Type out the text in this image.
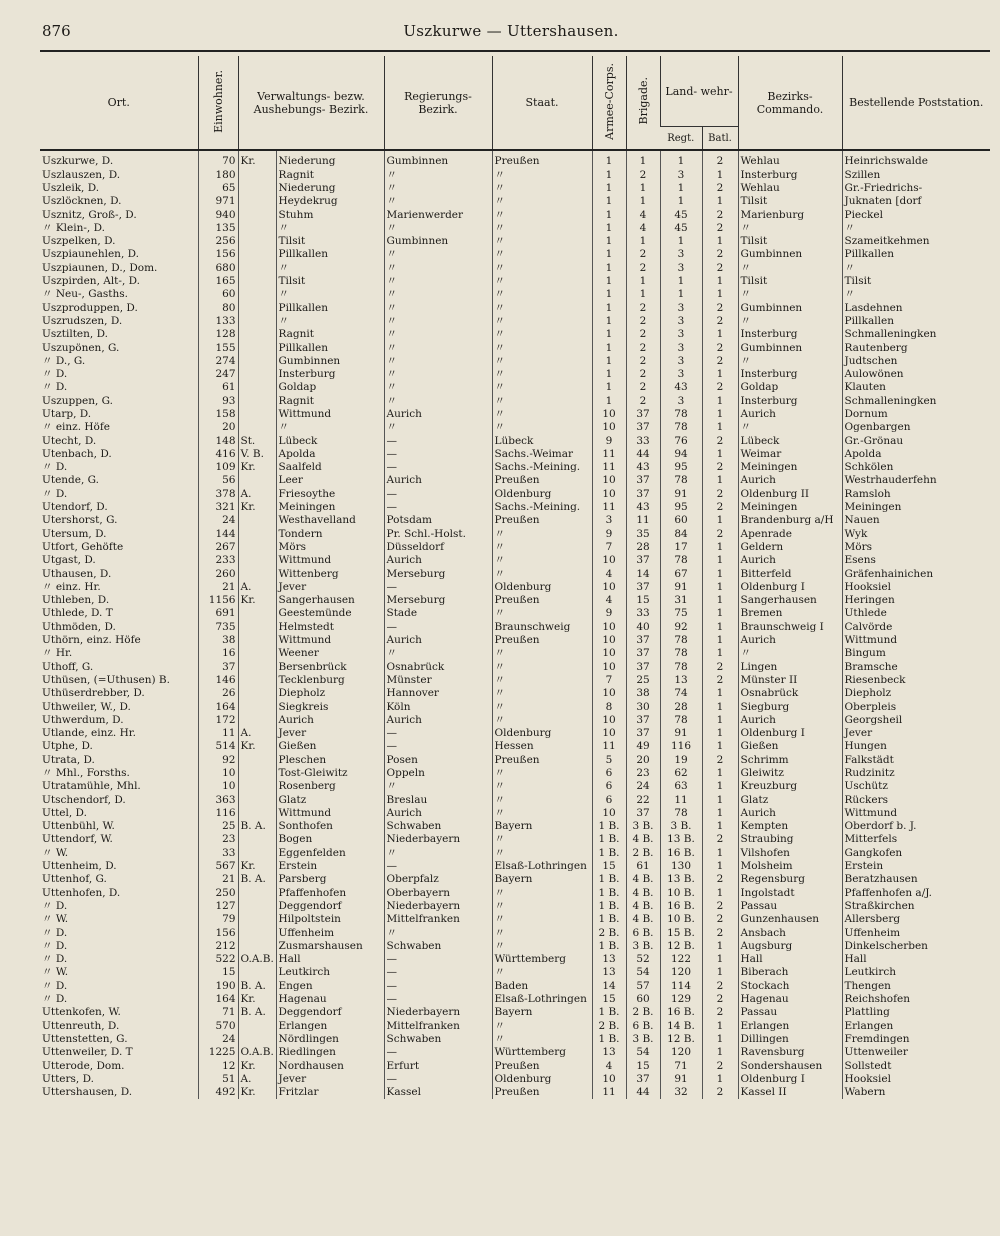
876	Uszkurwe — Uttershausen.
Ort.	Einwohner.	Verwaltungs- bezw. Aushebungs- Bezirk.		Regierungs- Bezirk.	Staat.	Armee-Corps.	Brigade.	Land- wehr-		Bezirks- Commando.	Bestellende Poststation.
								Regt.	Batl.		
Uszkurwe, D.	70	Kr.	Niederung	Gumbinnen	Preußen	1	1	1	2	Wehlau	Heinrichswalde
Uszlauszen, D.	180		Ragnit	〃	〃	1	2	3	1	Insterburg	Szillen
Uszleik, D.	65		Niederung	〃	〃	1	1	1	2	Wehlau	Gr.-Friedrichs-
Uszlöcknen, D.	971		Heydekrug	〃	〃	1	1	1	1	Tilsit	Juknaten [dorf
Usznitz, Groß-, D.	940		Stuhm	Marienwerder	〃	1	4	45	2	Marienburg	Pieckel
〃 Klein-, D.	135		〃	〃	〃	1	4	45	2	〃	〃
Uszpelken, D.	256		Tilsit	Gumbinnen	〃	1	1	1	1	Tilsit	Szameitkehmen
Uszpiaunehlen, D.	156		Pillkallen	〃	〃	1	2	3	2	Gumbinnen	Pillkallen
Uszpiaunen, D., Dom.	680		〃	〃	〃	1	2	3	2	〃	〃
Uszpirden, Alt-, D.	165		Tilsit	〃	〃	1	1	1	1	Tilsit	Tilsit
〃 Neu-, Gasths.	60		〃	〃	〃	1	1	1	1	〃	〃
Uszproduppen, D.	80		Pillkallen	〃	〃	1	2	3	2	Gumbinnen	Lasdehnen
Uszrudszen, D.	133		〃	〃	〃	1	2	3	2	〃	Pillkallen
Usztilten, D.	128		Ragnit	〃	〃	1	2	3	1	Insterburg	Schmalleningken
Uszupönen, G.	155		Pillkallen	〃	〃	1	2	3	2	Gumbinnen	Rautenberg
〃 D., G.	274		Gumbinnen	〃	〃	1	2	3	2	〃	Judtschen
〃 D.	247		Insterburg	〃	〃	1	2	3	1	Insterburg	Aulowönen
〃 D.	61		Goldap	〃	〃	1	2	43	2	Goldap	Klauten
Uszuppen, G.	93		Ragnit	〃	〃	1	2	3	1	Insterburg	Schmalleningken
Utarp, D.	158		Wittmund	Aurich	〃	10	37	78	1	Aurich	Dornum
〃 einz. Höfe	20		〃	〃	〃	10	37	78	1	〃	Ogenbargen
Utecht, D.	148	St.	Lübeck	—	Lübeck	9	33	76	2	Lübeck	Gr.-Grönau
Utenbach, D.	416	V. B.	Apolda	—	Sachs.-Weimar	11	44	94	1	Weimar	Apolda
〃 D.	109	Kr.	Saalfeld	—	Sachs.-Meining.	11	43	95	2	Meiningen	Schkölen
Utende, G.	56		Leer	Aurich	Preußen	10	37	78	1	Aurich	Westrhauderfehn
〃 D.	378	A.	Friesoythe	—	Oldenburg	10	37	91	2	Oldenburg II	Ramsloh
Utendorf, D.	321	Kr.	Meiningen	—	Sachs.-Meining.	11	43	95	2	Meiningen	Meiningen
Utershorst, G.	24		Westhavelland	Potsdam	Preußen	3	11	60	1	Brandenburg a/H	Nauen
Utersum, D.	144		Tondern	Pr. Schl.-Holst.	〃	9	35	84	2	Apenrade	Wyk
Utfort, Gehöfte	267		Mörs	Düsseldorf	〃	7	28	17	1	Geldern	Mörs
Utgast, D.	233		Wittmund	Aurich	〃	10	37	78	1	Aurich	Esens
Uthausen, D.	260		Wittenberg	Merseburg	〃	4	14	67	1	Bitterfeld	Gräfenhainichen
〃 einz. Hr.	21	A.	Jever	—	Oldenburg	10	37	91	1	Oldenburg I	Hooksiel
Uthleben, D.	1156	Kr.	Sangerhausen	Merseburg	Preußen	4	15	31	1	Sangerhausen	Heringen
Uthlede, D. T	691		Geestemünde	Stade	〃	9	33	75	1	Bremen	Uthlede
Uthmöden, D.	735		Helmstedt	—	Braunschweig	10	40	92	1	Braunschweig I	Calvörde
Uthörn, einz. Höfe	38		Wittmund	Aurich	Preußen	10	37	78	1	Aurich	Wittmund
〃 Hr.	16		Weener	〃	〃	10	37	78	1	〃	Bingum
Uthoff, G.	37		Bersenbrück	Osnabrück	〃	10	37	78	2	Lingen	Bramsche
Uthüsen, (=Uthusen) B.	146		Tecklenburg	Münster	〃	7	25	13	2	Münster II	Riesenbeck
Uthüserdrebber, D.	26		Diepholz	Hannover	〃	10	38	74	1	Osnabrück	Diepholz
Uthweiler, W., D.	164		Siegkreis	Köln	〃	8	30	28	1	Siegburg	Oberpleis
Uthwerdum, D.	172		Aurich	Aurich	〃	10	37	78	1	Aurich	Georgsheil
Utlande, einz. Hr.	11	A.	Jever	—	Oldenburg	10	37	91	1	Oldenburg I	Jever
Utphe, D.	514	Kr.	Gießen	—	Hessen	11	49	116	1	Gießen	Hungen
Utrata, D.	92		Pleschen	Posen	Preußen	5	20	19	2	Schrimm	Falkstädt
〃 Mhl., Forsths.	10		Tost-Gleiwitz	Oppeln	〃	6	23	62	1	Gleiwitz	Rudzinitz
Utratamühle, Mhl.	10		Rosenberg	〃	〃	6	24	63	1	Kreuzburg	Uschütz
Utschendorf, D.	363		Glatz	Breslau	〃	6	22	11	1	Glatz	Rückers
Uttel, D.	116		Wittmund	Aurich	〃	10	37	78	1	Aurich	Wittmund
Uttenbühl, W.	25	B. A.	Sonthofen	Schwaben	Bayern	1 B.	3 B.	3 B.	1	Kempten	Oberdorf b. J.
Uttendorf, W.	23		Bogen	Niederbayern	〃	1 B.	4 B.	13 B.	2	Straubing	Mitterfels
〃 W.	33		Eggenfelden	〃	〃	1 B.	2 B.	16 B.	1	Vilshofen	Gangkofen
Uttenheim, D.	567	Kr.	Erstein	—	Elsaß-Lothringen	15	61	130	1	Molsheim	Erstein
Uttenhof, G.	21	B. A.	Parsberg	Oberpfalz	Bayern	1 B.	4 B.	13 B.	2	Regensburg	Beratzhausen
Uttenhofen, D.	250		Pfaffenhofen	Oberbayern	〃	1 B.	4 B.	10 B.	1	Ingolstadt	Pfaffenhofen a/J.
〃 D.	127		Deggendorf	Niederbayern	〃	1 B.	4 B.	16 B.	2	Passau	Straßkirchen
〃 W.	79		Hilpoltstein	Mittelfranken	〃	1 B.	4 B.	10 B.	2	Gunzenhausen	Allersberg
〃 D.	156		Uffenheim	〃	〃	2 B.	6 B.	15 B.	2	Ansbach	Uffenheim
〃 D.	212		Zusmarshausen	Schwaben	〃	1 B.	3 B.	12 B.	1	Augsburg	Dinkelscherben
〃 D.	522	O.A.B.	Hall	—	Württemberg	13	52	122	1	Hall	Hall
〃 W.	15		Leutkirch	—	〃	13	54	120	1	Biberach	Leutkirch
〃 D.	190	B. A.	Engen	—	Baden	14	57	114	2	Stockach	Thengen
〃 D.	164	Kr.	Hagenau	—	Elsaß-Lothringen	15	60	129	2	Hagenau	Reichshofen
Uttenkofen, W.	71	B. A.	Deggendorf	Niederbayern	Bayern	1 B.	2 B.	16 B.	2	Passau	Plattling
Uttenreuth, D.	570		Erlangen	Mittelfranken	〃	2 B.	6 B.	14 B.	1	Erlangen	Erlangen
Uttenstetten, G.	24		Nördlingen	Schwaben	〃	1 B.	3 B.	12 B.	1	Dillingen	Fremdingen
Uttenweiler, D. T	1225	O.A.B.	Riedlingen	—	Württemberg	13	54	120	1	Ravensburg	Uttenweiler
Utterode, Dom.	12	Kr.	Nordhausen	Erfurt	Preußen	4	15	71	2	Sondershausen	Sollstedt
Utters, D.	51	A.	Jever	—	Oldenburg	10	37	91	1	Oldenburg I	Hooksiel
Uttershausen, D.	492	Kr.	Fritzlar	Kassel	Preußen	11	44	32	2	Kassel II	Wabern
